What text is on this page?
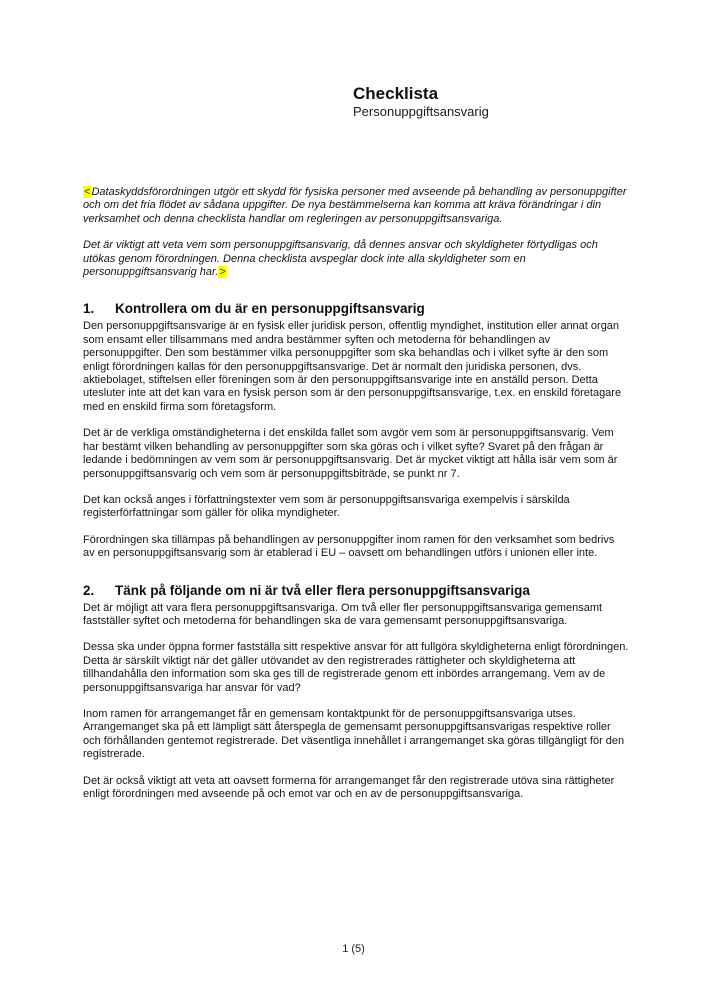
Checklista
Personuppgiftsansvarig

<Dataskyddsförordningen utgör ett skydd för fysiska personer med avseende på behandling av personuppgifter och om det fria flödet av sådana uppgifter. De nya bestämmelserna kan komma att kräva förändringar i din verksamhet och denna checklista handlar om regleringen av personuppgiftsansvariga.

Det är viktigt att veta vem som personuppgiftsansvarig, då dennes ansvar och skyldigheter förtydligas och utökas genom förordningen. Denna checklista avspeglar dock inte alla skyldigheter som en personuppgiftsansvarig har.>

1.	Kontrollera om du är en personuppgiftsansvarig

Den personuppgiftsansvarige är en fysisk eller juridisk person, offentlig myndighet, institution eller annat organ som ensamt eller tillsammans med andra bestämmer syften och metoderna för behandlingen av personuppgifter. Den som bestämmer vilka personuppgifter som ska behandlas och i vilket syfte är den som enligt förordningen kallas för den personuppgiftsansvarige. Det är normalt den juridiska personen, dvs. aktiebolaget, stiftelsen eller föreningen som är den personuppgiftsansvarige inte en anställd person. Detta utesluter inte att det kan vara en fysisk person som är den personuppgiftsansvarige, t.ex. en enskild företagare med en enskild firma som företagsform.

Det är de verkliga omständigheterna i det enskilda fallet som avgör vem som är personuppgiftsansvarig. Vem har bestämt vilken behandling av personuppgifter som ska göras och i vilket syfte? Svaret på den frågan är ledande i bedömningen av vem som är personuppgiftsansvarig. Det är mycket viktigt att hålla isär vem som är personuppgiftsansvarig och vem som är personuppgiftsbiträde, se punkt nr 7.

Det kan också anges i författningstexter vem som är personuppgiftsansvariga exempelvis i särskilda registerförfattningar som gäller för olika myndigheter.

Förordningen ska tillämpas på behandlingen av personuppgifter inom ramen för den verksamhet som bedrivs av en personuppgiftsansvarig som är etablerad i EU – oavsett om behandlingen utförs i unionen eller inte.

2.	Tänk på följande om ni är två eller flera personuppgiftsansvariga

Det är möjligt att vara flera personuppgiftsansvariga. Om två eller fler personuppgiftsansvariga gemensamt fastställer syftet och metoderna för behandlingen ska de vara gemensamt personuppgiftsansvariga.

Dessa ska under öppna former fastställa sitt respektive ansvar för att fullgöra skyldigheterna enligt förordningen. Detta är särskilt viktigt när det gäller utövandet av den registrerades rättigheter och skyldigheterna att tillhandahålla den information som ska ges till de registrerade genom ett inbördes arrangemang. Vem av de personuppgiftsansvariga har ansvar för vad?

Inom ramen för arrangemanget får en gemensam kontaktpunkt för de personuppgiftsansvariga utses. Arrangemanget ska på ett lämpligt sätt återspegla de gemensamt personuppgiftsansvarigas respektive roller och förhållanden gentemot registrerade. Det väsentliga innehållet i arrangemanget ska göras tillgängligt för den registrerade.

Det är också viktigt att veta att oavsett formerna för arrangemanget får den registrerade utöva sina rättigheter enligt förordningen med avseende på och emot var och en av de personuppgiftsansvariga.

1 (5)
